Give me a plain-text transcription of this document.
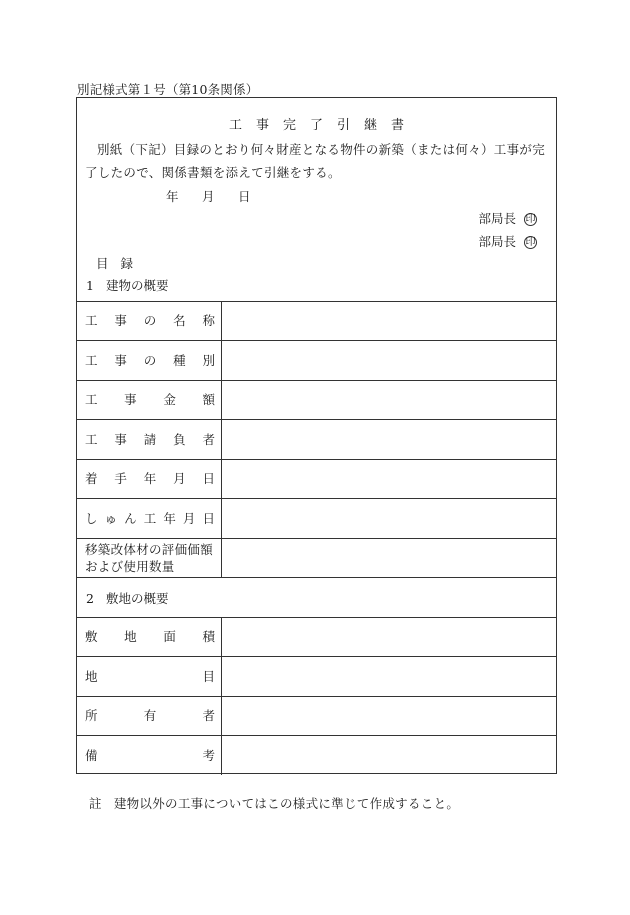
別記様式第１号（第10条関係）
工 事 完 了 引 継 書
別紙（下記）目録のとおり何々財産となる物件の新築（または何々）工事が完了したので、関係書類を添えて引継をする。
年 月 日
部局長 印
部局長 印
目 録
1 建物の概要
工 事 の 名 称
工 事 の 種 別
工 事 金 額
工 事 請 負 者
着 手 年 月 日
し ゅ ん 工 年 月 日
移築改体材の評価価額および使用数量
2 敷地の概要
敷 地 面 積
地	目
所	有	者
備	考
註 建物以外の工事についてはこの様式に準じて作成すること。
